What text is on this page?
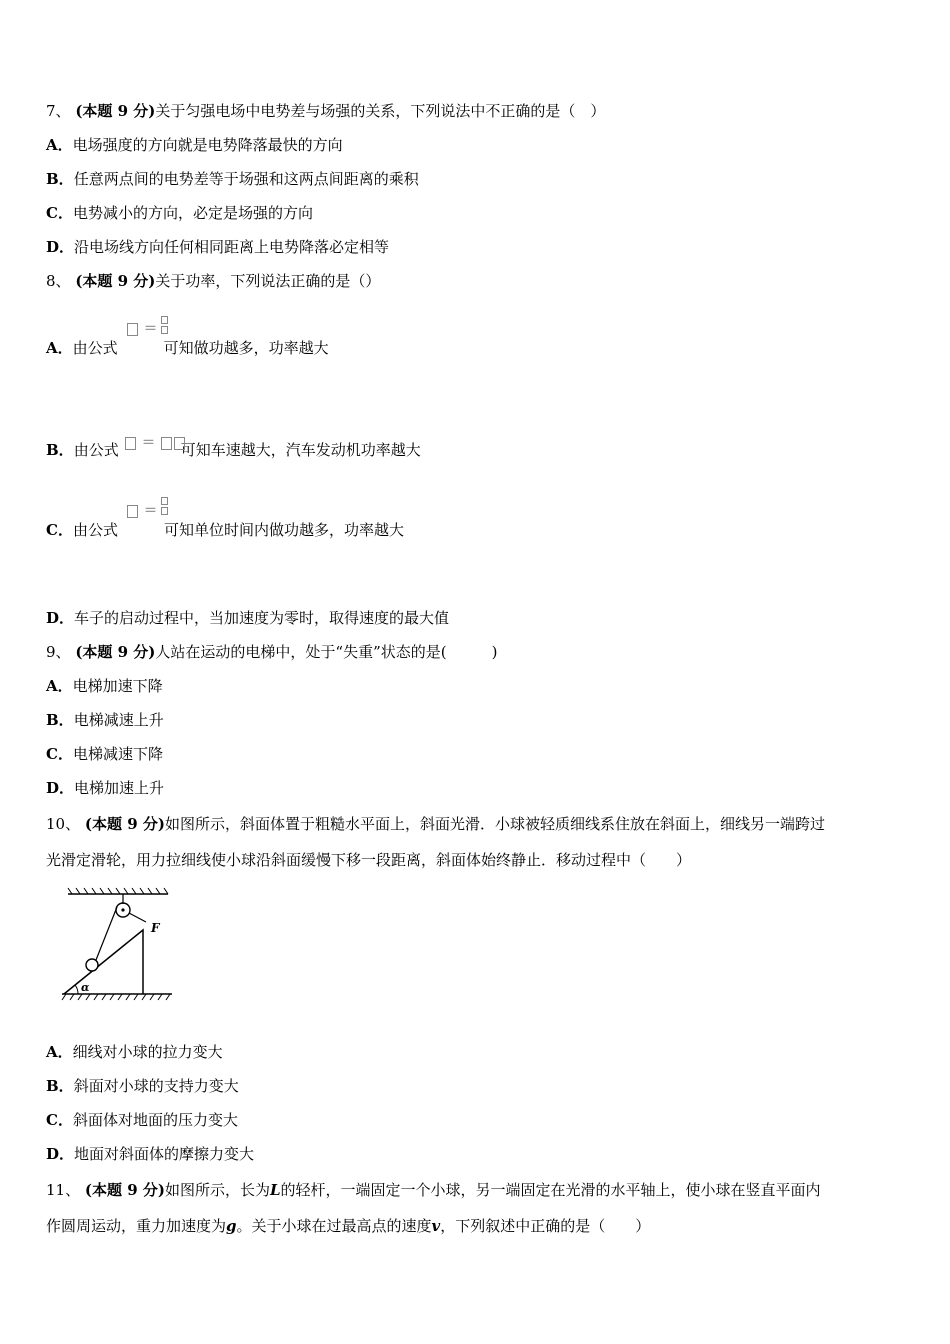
7、 (本题 9 分)关于匀强电场中电势差与场强的关系，下列说法中不正确的是（　）
A．电场强度的方向就是电势降落最快的方向
B．任意两点间的电势差等于场强和这两点间距离的乘积
C．电势减小的方向，必定是场强的方向
D．沿电场线方向任何相同距离上电势降落必定相等
8、 (本题 9 分)关于功率，下列说法正确的是（）
A．由公式	可知做功越多，功率越大
＝

B．由公式	可知车速越大，汽车发动机功率越大
＝
C．由公式	可知单位时间内做功越多，功率越大
＝

D．车子的启动过程中，当加速度为零时，取得速度的最大值
9、 (本题 9 分)人站在运动的电梯中，处于“失重”状态的是(　　　)
A．电梯加速下降
B．电梯减速上升
C．电梯减速下降
D．电梯加速上升
10、 (本题 9 分)如图所示，斜面体置于粗糙水平面上，斜面光滑．小球被轻质细线系住放在斜面上，细线另一端跨过
光滑定滑轮，用力拉细线使小球沿斜面缓慢下移一段距离，斜面体始终静止．移动过程中（　　）
F
α
A．细线对小球的拉力变大
B．斜面对小球的支持力变大
C．斜面体对地面的压力变大
D．地面对斜面体的摩擦力变大
11、 (本题 9 分)如图所示，长为L的轻杆，一端固定一个小球，另一端固定在光滑的水平轴上，使小球在竖直平面内
作圆周运动，重力加速度为g。关于小球在过最高点的速度v，下列叙述中正确的是（　　）
